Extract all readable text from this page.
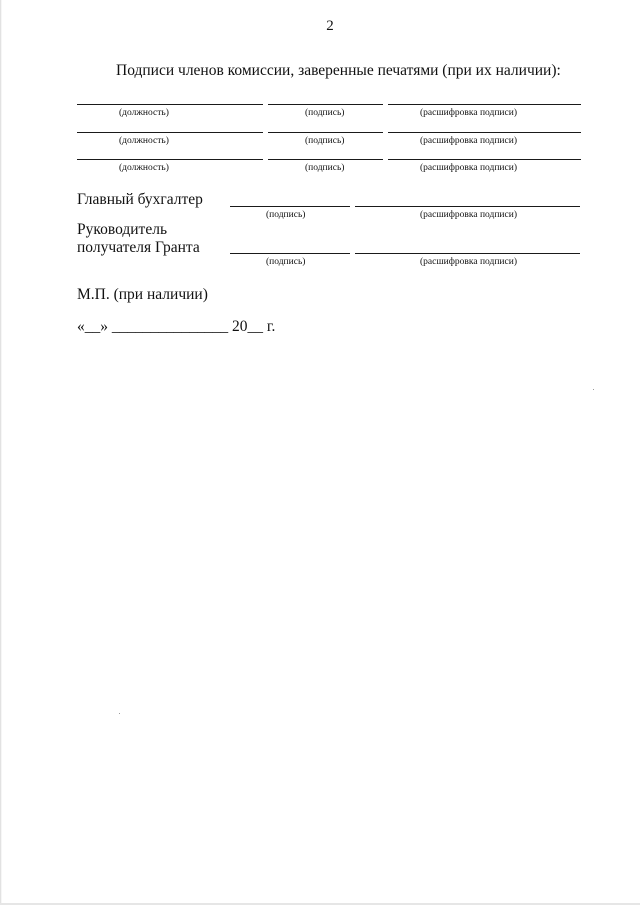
2
Подписи членов комиссии, заверенные печатями (при их наличии):
(должность)	(подпись)	(расшифровка подписи)
(должность)	(подпись)	(расшифровка подписи)
(должность)	(подпись)	(расшифровка подписи)
Главный бухгалтер
(подпись)	(расшифровка подписи)
Руководитель
получателя Гранта
(подпись)	(расшифровка подписи)
М.П. (при наличии)
«__» _______________ 20__ г.
